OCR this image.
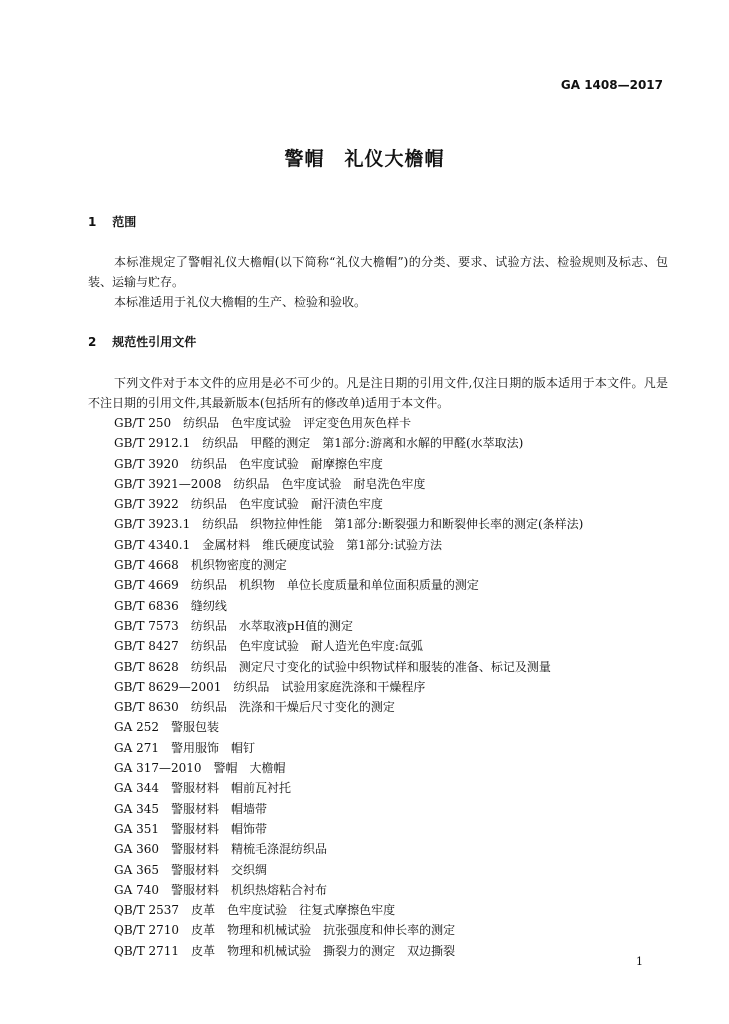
GA 1408—2017
警帽　礼仪大檐帽
1 范围
本标准规定了警帽礼仪大檐帽(以下简称“礼仪大檐帽”)的分类、要求、试验方法、检验规则及标志、包装、运输与贮存。
本标准适用于礼仪大檐帽的生产、检验和验收。
2 规范性引用文件
下列文件对于本文件的应用是必不可少的。凡是注日期的引用文件,仅注日期的版本适用于本文件。凡是不注日期的引用文件,其最新版本(包括所有的修改单)适用于本文件。
GB/T 250 纺织品　色牢度试验　评定变色用灰色样卡
GB/T 2912.1 纺织品　甲醛的测定　第1部分:游离和水解的甲醛(水萃取法)
GB/T 3920 纺织品　色牢度试验　耐摩擦色牢度
GB/T 3921—2008 纺织品　色牢度试验　耐皂洗色牢度
GB/T 3922 纺织品　色牢度试验　耐汗渍色牢度
GB/T 3923.1 纺织品　织物拉伸性能　第1部分:断裂强力和断裂伸长率的测定(条样法)
GB/T 4340.1 金属材料　维氏硬度试验　第1部分:试验方法
GB/T 4668 机织物密度的测定
GB/T 4669 纺织品　机织物　单位长度质量和单位面积质量的测定
GB/T 6836 缝纫线
GB/T 7573 纺织品　水萃取液pH值的测定
GB/T 8427 纺织品　色牢度试验　耐人造光色牢度:氙弧
GB/T 8628 纺织品　测定尺寸变化的试验中织物试样和服装的准备、标记及测量
GB/T 8629—2001 纺织品　试验用家庭洗涤和干燥程序
GB/T 8630 纺织品　洗涤和干燥后尺寸变化的测定
GA 252 警服包装
GA 271 警用服饰　帽钉
GA 317—2010 警帽　大檐帽
GA 344 警服材料　帽前瓦衬托
GA 345 警服材料　帽墙带
GA 351 警服材料　帽饰带
GA 360 警服材料　精梳毛涤混纺织品
GA 365 警服材料　交织绸
GA 740 警服材料　机织热熔粘合衬布
QB/T 2537 皮革　色牢度试验　往复式摩擦色牢度
QB/T 2710 皮革　物理和机械试验　抗张强度和伸长率的测定
QB/T 2711 皮革　物理和机械试验　撕裂力的测定　双边撕裂
1
